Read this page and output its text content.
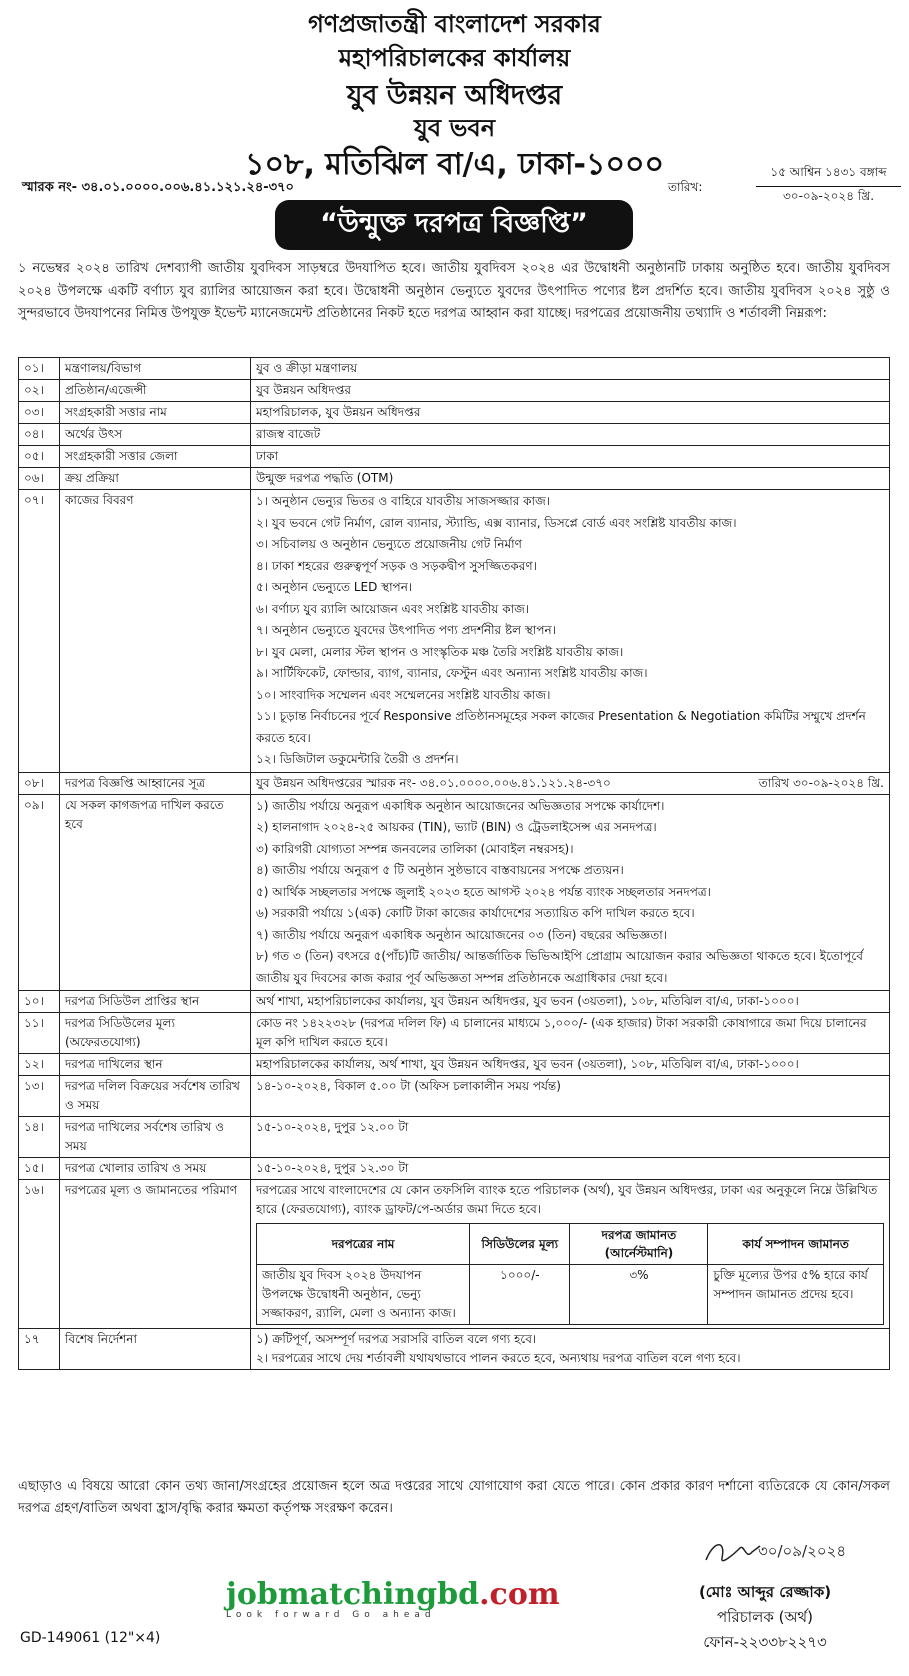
গণপ্রজাতন্ত্রী বাংলাদেশ সরকার
মহাপরিচালকের কার্যালয়
যুব উন্নয়ন অধিদপ্তর
যুব ভবন
১০৮, মতিঝিল বা/এ, ঢাকা-১০০০
স্মারক নং- ৩৪.০১.০০০০.০০৬.৪১.১২১.২৪-৩৭০	তারিখ:
১৫ আশ্বিন ১৪৩১ বঙ্গাব্দ
৩০-০৯-২০২৪ খ্রি.
“উন্মুক্ত দরপত্র বিজ্ঞপ্তি”
১ নভেম্বর ২০২৪ তারিখ দেশব্যাপী জাতীয় যুবদিবস সাড়ম্বরে উদযাপিত হবে। জাতীয় যুবদিবস ২০২৪ এর উদ্বোধনী অনুষ্ঠানটি ঢাকায় অনুষ্ঠিত হবে। জাতীয় যুবদিবস ২০২৪ উপলক্ষে একটি বর্ণাঢ্য যুব র‍্যালির আয়োজন করা হবে। উদ্বোধনী অনুষ্ঠান ভেন্যুতে যুবদের উৎপাদিত পণ্যের ষ্টল প্রদর্শিত হবে। জাতীয় যুবদিবস ২০২৪ সুষ্ঠু ও সুন্দরভাবে উদযাপনের নিমিত্ত উপযুক্ত ইভেন্ট ম্যানেজমেন্ট প্রতিষ্ঠানের নিকট হতে দরপত্র আহ্বান করা যাচ্ছে। দরপত্রের প্রয়োজনীয় তথ্যাদি ও শর্তাবলী নিম্নরূপ:
০১।	মন্ত্রণালয়/বিভাগ	যুব ও ক্রীড়া মন্ত্রণালয়
০২।	প্রতিষ্ঠান/এজেন্সী	যুব উন্নয়ন অধিদপ্তর
০৩।	সংগ্রহকারী সত্তার নাম	মহাপরিচালক, যুব উন্নয়ন অধিদপ্তর
০৪।	অর্থের উৎস	রাজস্ব বাজেট
০৫।	সংগ্রহকারী সত্তার জেলা	ঢাকা
০৬।	ক্রয় প্রক্রিয়া	উন্মুক্ত দরপত্র পদ্ধতি (OTM)
০৭।	কাজের বিবরণ	১। অনুষ্ঠান ভেন্যুর ভিতর ও বাহিরে যাবতীয় সাজসজ্জার কাজ।
২। যুব ভবনে গেট নির্মাণ, রোল ব্যানার, স্ট্যান্ডি, এক্স ব্যানার, ডিসপ্লে বোর্ড এবং সংশ্লিষ্ট যাবতীয় কাজ।
৩। সচিবালয় ও অনুষ্ঠান ভেন্যুতে প্রয়োজনীয় গেট নির্মাণ
৪। ঢাকা শহরের গুরুত্বপূর্ণ সড়ক ও সড়কদ্বীপ সুসজ্জিতকরণ।
৫। অনুষ্ঠান ভেন্যুতে LED স্থাপন।
৬। বর্ণাঢ্য যুব র‍্যালি আয়োজন এবং সংশ্লিষ্ট যাবতীয় কাজ।
৭। অনুষ্ঠান ভেন্যুতে যুবদের উৎপাদিত পণ্য প্রদর্শনীর ষ্টল স্থাপন।
৮। যুব মেলা, মেলার স্টল স্থাপন ও সাংস্কৃতিক মঞ্চ তৈরি সংশ্লিষ্ট যাবতীয় কাজ।
৯। সার্টিফিকেট, ফোল্ডার, ব্যাগ, ব্যানার, ফেস্টুন এবং অন্যান্য সংশ্লিষ্ট যাবতীয় কাজ।
১০। সাংবাদিক সম্মেলন এবং সম্মেলনের সংশ্লিষ্ট যাবতীয় কাজ।
১১। চূড়ান্ত নির্বাচনের পূর্বে Responsive প্রতিষ্ঠানসমূহের সকল কাজের Presentation & Negotiation কমিটির সম্মুখে প্রদর্শন করতে হবে।
১২। ডিজিটাল ডকুমেন্টারি তৈরী ও প্রদর্শন।

০৮।	দরপত্র বিজ্ঞপ্তি আহ্বানের সূত্র	যুব উন্নয়ন অধিদপ্তরের স্মারক নং- ৩৪.০১.০০০০.০০৬.৪১.১২১.২৪-৩৭০	তারিখ ৩০-০৯-২০২৪ খ্রি.

০৯।	যে সকল কাগজপত্র দাখিল করতে হবে	
১) জাতীয় পর্যায়ে অনুরূপ একাধিক অনুষ্ঠান আয়োজনের অভিজ্ঞতার সপক্ষে কার্যাদেশ।
২) হালনাগাদ ২০২৪-২৫ আয়কর (TIN), ভ্যাট (BIN) ও ট্রেডলাইসেন্স এর সনদপত্র।
৩) কারিগরী যোগ্যতা সম্পন্ন জনবলের তালিকা (মোবাইল নম্বরসহ)।
৪) জাতীয় পর্যায়ে অনুরূপ ৫ টি অনুষ্ঠান সুষ্ঠভাবে বাস্তবায়নের সপক্ষে প্রত্যয়ন।
৫) আর্থিক সচ্ছলতার সপক্ষে জুলাই ২০২৩ হতে আগস্ট ২০২৪ পর্যন্ত ব্যাংক সচ্ছলতার সনদপত্র।
৬) সরকারী পর্যায়ে ১(এক) কোটি টাকা কাজের কার্যাদেশের সত্যায়িত কপি দাখিল করতে হবে।
৭) জাতীয় পর্যায়ে অনুরূপ একাধিক অনুষ্ঠান আয়োজনের ০৩ (তিন) বছরের অভিজ্ঞতা।
৮) গত ৩ (তিন) বৎসরে ৫(পাঁচ)টি জাতীয়/ আন্তর্জাতিক ভিভিআইপি প্রোগ্রাম আয়োজন করার অভিজ্ঞতা থাকতে হবে। ইতোপূর্বে জাতীয় যুব দিবসের কাজ করার পূর্ব অভিজ্ঞতা সম্পন্ন প্রতিষ্ঠানকে অগ্রাধিকার দেয়া হবে।

১০।	দরপত্র সিডিউল প্রাপ্তির স্থান	অর্থ শাখা, মহাপরিচালকের কার্যালয়, যুব উন্নয়ন অধিদপ্তর, যুব ভবন (৩য়তলা), ১০৮, মতিঝিল বা/এ, ঢাকা-১০০০।
১১।	দরপত্র সিডিউলের মূল্য (অফেরতযোগ্য)	কোড নং ১৪২২৩২৮ (দরপত্র দলিল ফি) এ চালানের মাধ্যমে ১,০০০/- (এক হাজার) টাকা সরকারী কোষাগারে জমা দিয়ে চালানের মূল কপি দাখিল করতে হবে।
১২।	দরপত্র দাখিলের স্থান	মহাপরিচালকের কার্যালয়, অর্থ শাখা, যুব উন্নয়ন অধিদপ্তর, যুব ভবন (৩য়তলা), ১০৮, মতিঝিল বা/এ, ঢাকা-১০০০।
১৩।	দরপত্র দলিল বিক্রয়ের সর্বশেষ তারিখ ও সময়	১৪-১০-২০২৪, বিকাল ৫.০০ টা (অফিস চলাকালীন সময় পর্যন্ত)
১৪।	দরপত্র দাখিলের সর্বশেষ তারিখ ও সময়	১৫-১০-২০২৪, দুপুর ১২.০০ টা
১৫।	দরপত্র খোলার তারিখ ও সময়	১৫-১০-২০২৪, দুপুর ১২.৩০ টা
১৬।	দরপত্রের মূল্য ও জামানতের পরিমাণ	দরপত্রের সাথে বাংলাদেশের যে কোন তফসিলি ব্যাংক হতে পরিচালক (অর্থ), যুব উন্নয়ন অধিদপ্তর, ঢাকা এর অনুকূলে নিম্নে উল্লিখিত হারে (ফেরতযোগ্য), ব্যাংক ড্রাফট/পে-অর্ডার জমা দিতে হবে।
দরপত্রের নাম	সিডিউলের মূল্য	দরপত্র জামানত (আর্নেস্টমানি)	কার্য সম্পাদন জামানত
জাতীয় যুব দিবস ২০২৪ উদযাপন উপলক্ষে উদ্বোধনী অনুষ্ঠান, ভেন্যু সজ্জাকরণ, র‍্যালি, মেলা ও অন্যান্য কাজ।	১০০০/-	৩%	চুক্তি মূল্যের উপর ৫% হারে কার্য সম্পাদন জামানত প্রদেয় হবে।

১৭	বিশেষ নির্দেশনা	১) ক্রটিপূর্ণ, অসম্পূর্ণ দরপত্র সরাসরি বাতিল বলে গণ্য হবে।
২। দরপত্রের সাথে দেয় শর্তাবলী যথাযথভাবে পালন করতে হবে, অন্যথায় দরপত্র বাতিল বলে গণ্য হবে।
এছাড়াও এ বিষয়ে আরো কোন তথ্য জানা/সংগ্রহের প্রয়োজন হলে অত্র দপ্তরের সাথে যোগাযোগ করা যেতে পারে। কোন প্রকার কারণ দর্শানো ব্যতিরেকে যে কোন/সকল দরপত্র গ্রহণ/বাতিল অথবা হ্রাস/বৃদ্ধি করার ক্ষমতা কর্তৃপক্ষ সংরক্ষণ করেন।
৩০/০৯/২০২৪
jobmatchingbd.com
Look forward Go ahead
(মোঃ আব্দুর রেজ্জাক)
পরিচালক (অর্থ)
ফোন-২২৩৩৮২২৭৩
GD-149061 (12"×4)
